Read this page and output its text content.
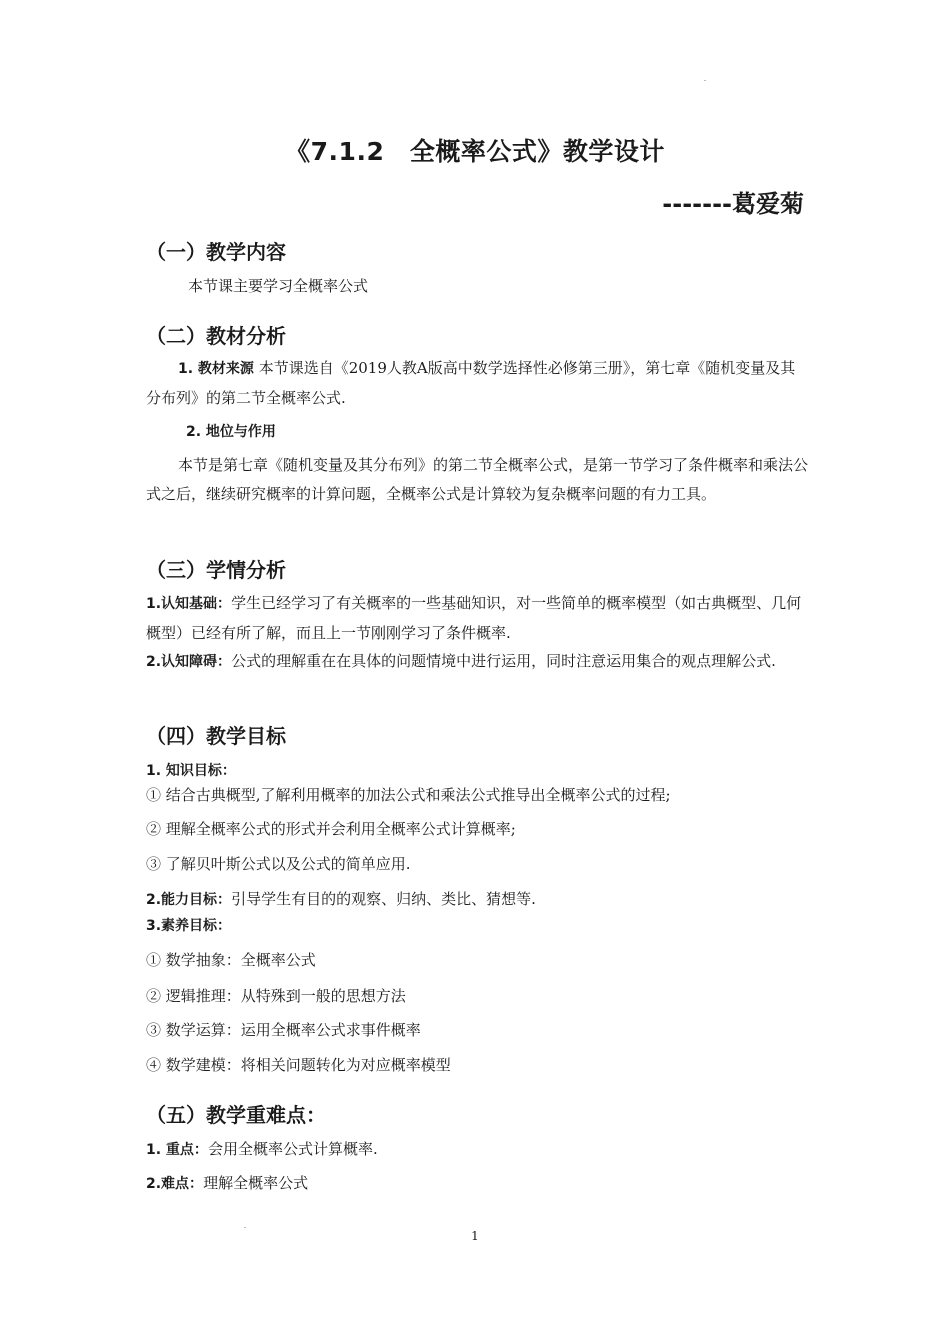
《7.1.2　全概率公式》教学设计
-------葛爱菊
（一）教学内容

本节课主要学习全概率公式

（二）教材分析

1. 教材来源 本节课选自《2019人教A版高中数学选择性必修第三册》，第七章《随机变量及其分布列》的第二节全概率公式.

2. 地位与作用

本节是第七章《随机变量及其分布列》的第二节全概率公式，是第一节学习了条件概率和乘法公式之后，继续研究概率的计算问题，全概率公式是计算较为复杂概率问题的有力工具。

（三）学情分析

1.认知基础：学生已经学习了有关概率的一些基础知识，对一些简单的概率模型（如古典概型、几何概型）已经有所了解，而且上一节刚刚学习了条件概率.

2.认知障碍：公式的理解重在在具体的问题情境中进行运用，同时注意运用集合的观点理解公式.

（四）教学目标

1. 知识目标：

① 结合古典概型,了解利用概率的加法公式和乘法公式推导出全概率公式的过程;

② 理解全概率公式的形式并会利用全概率公式计算概率;

③ 了解贝叶斯公式以及公式的简单应用.

2.能力目标：引导学生有目的的观察、归纳、类比、猜想等.

3.素养目标：

① 数学抽象：全概率公式

② 逻辑推理：从特殊到一般的思想方法

③ 数学运算：运用全概率公式求事件概率

④ 数学建模：将相关问题转化为对应概率模型

（五）教学重难点：

1. 重点：会用全概率公式计算概率.

2.难点：理解全概率公式

1
